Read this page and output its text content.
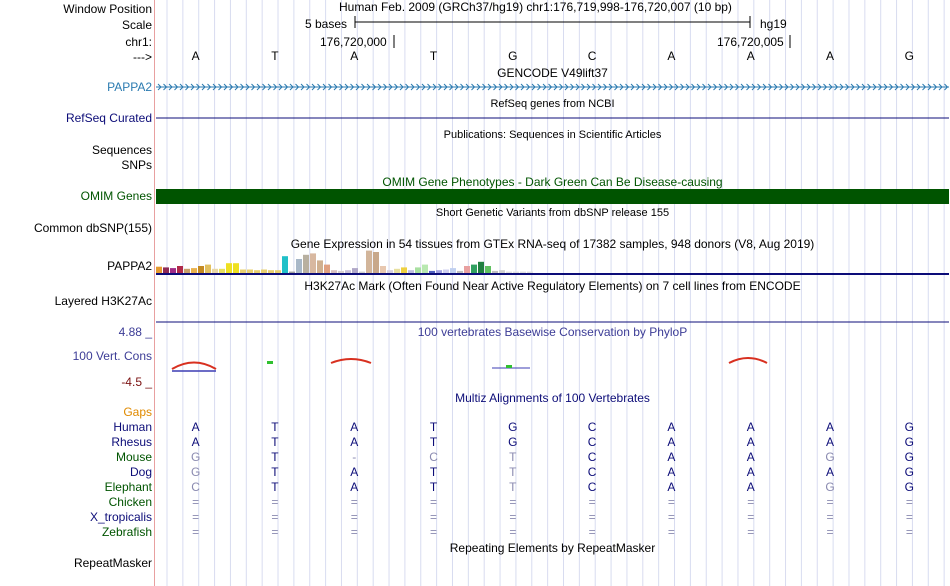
Window Position	Human Feb. 2009 (GRCh37/hg19) chr1:176,719,998-176,720,007 (10 bp)
Scale	5 bases	hg19
chr1:	176,720,000	176,720,005
--->	A	T	A	T	G	C	A	A	A	G
GENCODE V49lift37
PAPPA2
RefSeq genes from NCBI
RefSeq Curated
Publications: Sequences in Scientific Articles
Sequences
SNPs
OMIM Gene Phenotypes - Dark Green Can Be Disease-causing
OMIM Genes
Short Genetic Variants from dbSNP release 155
Common dbSNP(155)
Gene Expression in 54 tissues from GTEx RNA-seq of 17382 samples, 948 donors (V8, Aug 2019)
PAPPA2
H3K27Ac Mark (Often Found Near Active Regulatory Elements) on 7 cell lines from ENCODE
Layered H3K27Ac
100 vertebrates Basewise Conservation by PhyloP
4.88 _
100 Vert. Cons
-4.5 _
Multiz Alignments of 100 Vertebrates
Gaps
Human	A	T	A	T	G	C	A	A	A	G
Rhesus	A	T	A	T	G	C	A	A	A	G
Mouse	G	T	-	C	T	C	A	A	G	G
Dog	G	T	A	T	T	C	A	A	A	G
Elephant	C	T	A	T	T	C	A	A	G	G
Chicken	=	=	=	=	=	=	=	=	=	=
X_tropicalis	=	=	=	=	=	=	=	=	=	=
Zebrafish	=	=	=	=	=	=	=	=	=	=
Repeating Elements by RepeatMasker
RepeatMasker
